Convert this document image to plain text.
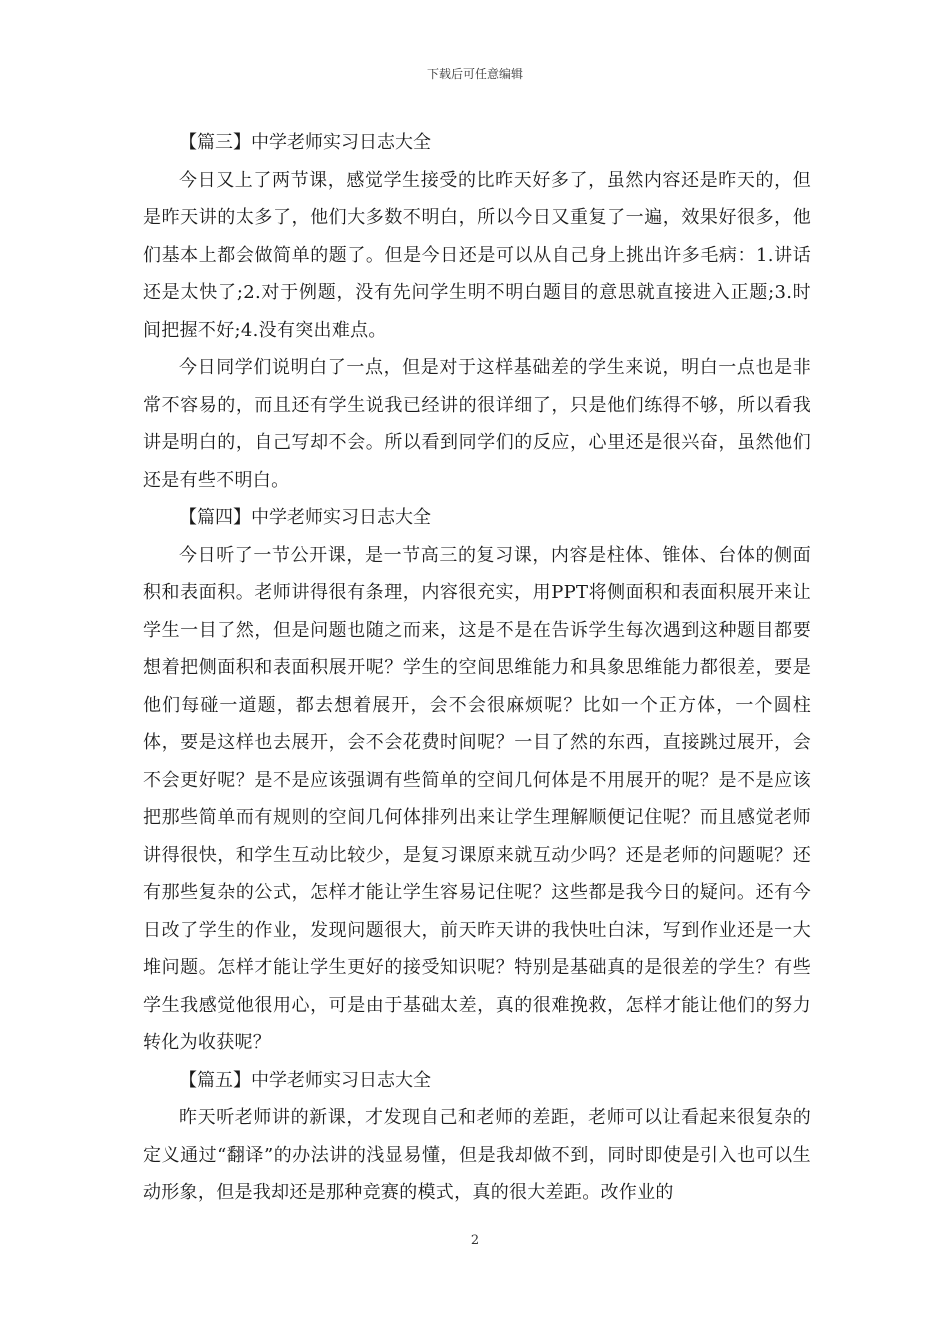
下载后可任意编辑

【篇三】中学老师实习日志大全

今日又上了两节课，感觉学生接受的比昨天好多了，虽然内容还是昨天的，但是昨天讲的太多了，他们大多数不明白，所以今日又重复了一遍，效果好很多，他们基本上都会做简单的题了。但是今日还是可以从自己身上挑出许多毛病：1.讲话还是太快了;2.对于例题，没有先问学生明不明白题目的意思就直接进入正题;3.时间把握不好;4.没有突出难点。

今日同学们说明白了一点，但是对于这样基础差的学生来说，明白一点也是非常不容易的，而且还有学生说我已经讲的很详细了，只是他们练得不够，所以看我讲是明白的，自己写却不会。所以看到同学们的反应，心里还是很兴奋，虽然他们还是有些不明白。

【篇四】中学老师实习日志大全

今日听了一节公开课，是一节高三的复习课，内容是柱体、锥体、台体的侧面积和表面积。老师讲得很有条理，内容很充实，用PPT将侧面积和表面积展开来让学生一目了然，但是问题也随之而来，这是不是在告诉学生每次遇到这种题目都要想着把侧面积和表面积展开呢？学生的空间思维能力和具象思维能力都很差，要是他们每碰一道题，都去想着展开，会不会很麻烦呢？比如一个正方体，一个圆柱体，要是这样也去展开，会不会花费时间呢？一目了然的东西，直接跳过展开，会不会更好呢？是不是应该强调有些简单的空间几何体是不用展开的呢？是不是应该把那些简单而有规则的空间几何体排列出来让学生理解顺便记住呢？而且感觉老师讲得很快，和学生互动比较少，是复习课原来就互动少吗？还是老师的问题呢？还有那些复杂的公式，怎样才能让学生容易记住呢？这些都是我今日的疑问。还有今日改了学生的作业，发现问题很大，前天昨天讲的我快吐白沫，写到作业还是一大堆问题。怎样才能让学生更好的接受知识呢？特别是基础真的是很差的学生？有些学生我感觉他很用心，可是由于基础太差，真的很难挽救，怎样才能让他们的努力转化为收获呢？

【篇五】中学老师实习日志大全

昨天听老师讲的新课，才发现自己和老师的差距，老师可以让看起来很复杂的定义通过“翻译”的办法讲的浅显易懂，但是我却做不到，同时即使是引入也可以生动形象，但是我却还是那种竞赛的模式，真的很大差距。改作业的

2
